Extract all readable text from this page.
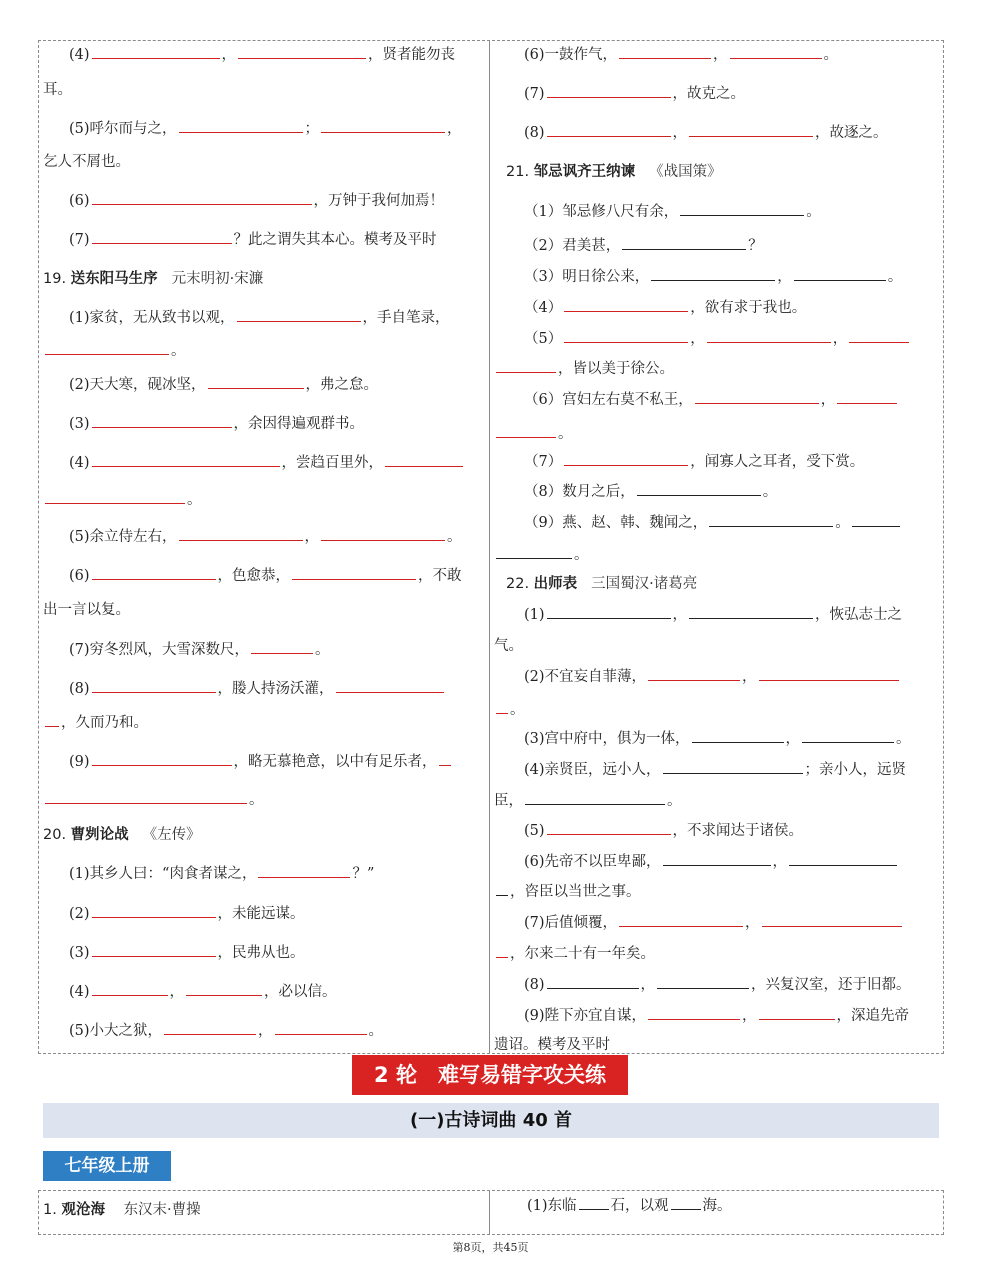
19. 送东阳马生序 元末明初·宋濂
20. 曹刿论战 《左传》
(4)	，	，贤者能勿丧
耳。
(5)呼尔而与之，	；	，
乞人不屑也。
(6)	，万钟于我何加焉！
(7)	？此之谓失其本心。模考及平时
(1)家贫，无从致书以观，	，手自笔录，
。
(2)天大寒，砚冰坚，	，弗之怠。
(3)	，余因得遍观群书。
(4)	，尝趋百里外，
。
(5)余立侍左右，	，	。
(6)	，色愈恭，	，不敢
出一言以复。
(7)穷冬烈风，大雪深数尺，	。
(8)	，媵人持汤沃灌，
，久而乃和。
(9)	，略无慕艳意，以中有足乐者，
。
(1)其乡人曰：“肉食者谋之，	？”
(2)	，未能远谋。
(3)	，民弗从也。
(4)	，	，必以信。
(5)小大之狱，	，	。
21. 邹忌讽齐王纳谏 《战国策》
22. 出师表 三国蜀汉·诸葛亮
(6)一鼓作气，	，	。
(7)	，故克之。
(8)	，	，故逐之。
（1）邹忌修八尺有余，	。
（2）君美甚，	？
（3）明日徐公来，	，	。
（4）	，欲有求于我也。
（5）	，	，
，皆以美于徐公。
（6）宫妇左右莫不私王，	，
。
（7）	，闻寡人之耳者，受下赏。
（8）数月之后，	。
（9）燕、赵、韩、魏闻之，	。
。
(1)	，	，恢弘志士之
气。
(2)不宜妄自菲薄，	，
。
(3)宫中府中，俱为一体，	，	。
(4)亲贤臣，远小人，	；亲小人，远贤
臣，	。
(5)	，不求闻达于诸侯。
(6)先帝不以臣卑鄙，	，
，咨臣以当世之事。
(7)后值倾覆，	，
，尔来二十有一年矣。
(8)	，	，兴复汉室，还于旧都。
(9)陛下亦宜自谋，	，	，深追先帝
遗诏。模考及平时
2 轮　难写易错字攻关练
(一)古诗词曲 40 首
七年级上册
1. 观沧海 东汉末·曹操	(1)东临 石，以观 海。
第8页，共45页
